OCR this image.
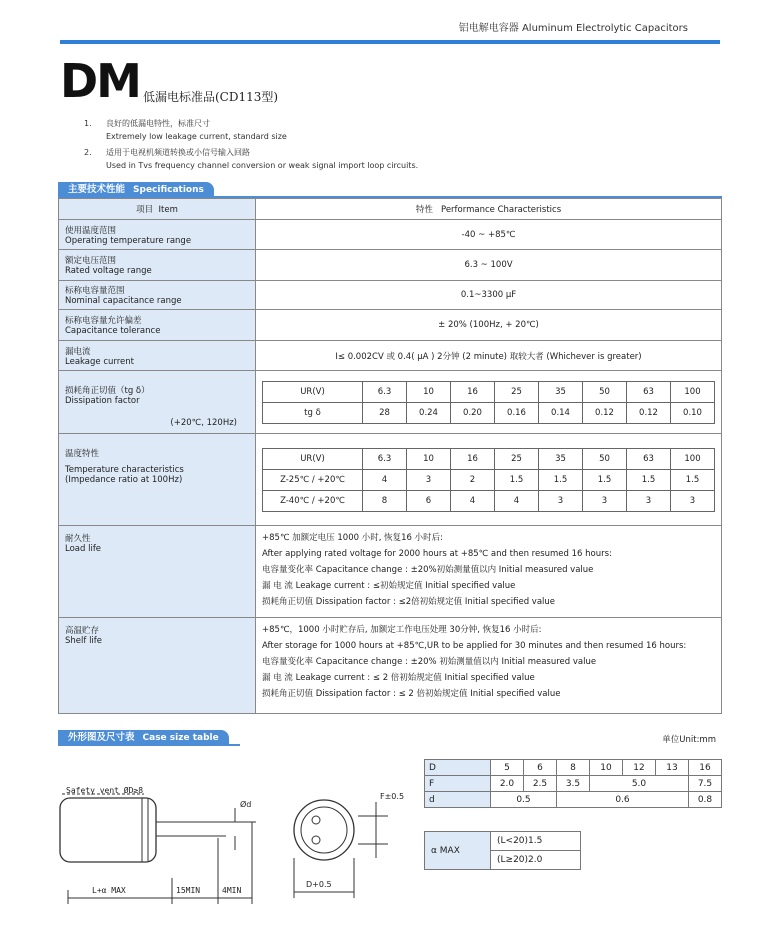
铝电解电容器 Aluminum Electrolytic Capacitors
DM 低漏电标准品(CD113型)
1. 良好的低漏电特性，标准尺寸
Extremely low leakage current, standard size
2. 适用于电视机频道转换或小信号输入回路
Used in Tvs frequency channel conversion or weak signal import loop circuits.
主要技术性能 Specifications
项目 Item	特性 Performance Characteristics

使用温度范围
Operating temperature range
	-40 ~ +85℃

额定电压范围
Rated voltage range
	6.3 ~ 100V

标称电容量范围
Nominal capacitance range
	0.1~3300 μF

标称电容量允许偏差
Capacitance tolerance
	± 20% (100Hz, + 20℃)

漏电流
Leakage current	I≤ 0.002CV 或 0.4( μA ) 2分钟 (2 minute) 取较大者 (Whichever is greater)

损耗角正切值（tg δ）
Dissipation factor
(+20℃, 120Hz)

UR(V)	6.3	10	16	25	35	50	63	100
tg δ	28	0.24	0.20	0.16	0.14	0.12	0.12	0.10

温度特性
Temperature characteristics
(Impedance ratio at 100Hz)

UR(V)	6.3	10	16	25	35	50	63	100
Z-25℃ / +20℃	4	3	2	1.5	1.5	1.5	1.5	1.5
Z-40℃ / +20℃	8	6	4	4	3	3	3	3

耐久性
Load life

+85℃ 加额定电压 1000 小时, 恢复16 小时后:
After applying rated voltage for 2000 hours at +85℃ and then resumed 16 hours:
电容量变化率 Capacitance change : ±20%初始测量值以内 Initial measured value
漏 电 流 Leakage current : ≤初始规定值 Initial specified value
损耗角正切值 Dissipation factor : ≤2倍初始规定值 Initial specified value

高温贮存
Shelf life

+85℃，1000 小时贮存后, 加额定工作电压处理 30分钟, 恢复16 小时后:
After storage for 1000 hours at +85℃,UR to be applied for 30 minutes and then resumed 16 hours:
电容量变化率 Capacitance change : ±20% 初始测量值以内 Initial measured value
漏 电 流 Leakage current : ≤ 2 倍初始规定值 Initial specified value
损耗角正切值 Dissipation factor : ≤ 2 倍初始规定值 Initial specified value
外形图及尺寸表 Case size table	单位Unit:mm
Safety vent ØD≥8
Ød
F±0.5
L+α MAX	15MIN	4MIN
D+0.5
D	5	6	8	10	12	13	16
F	2.0	2.5	3.5	5.0			7.5
d	0.5		0.6				0.8
α MAX	(L<20)1.5
(L≥20)2.0
